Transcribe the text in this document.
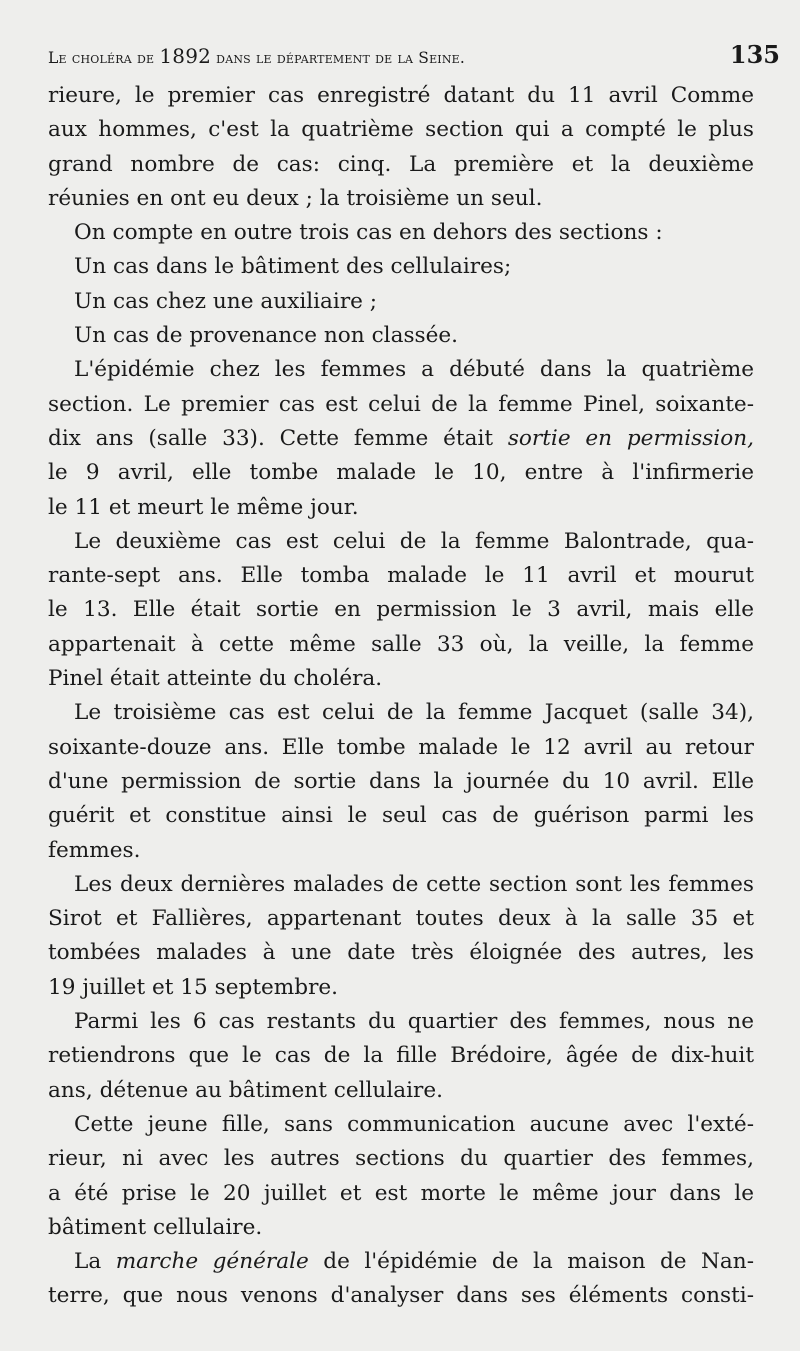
Le choléra de 1892 dans le département de la Seine.	135
rieure, le premier cas enregistré datant du 11 avril Comme
aux hommes, c'est la quatrième section qui a compté le plus
grand nombre de cas: cinq. La première et la deuxième
réunies en ont eu deux ; la troisième un seul.
On compte en outre trois cas en dehors des sections :
Un cas dans le bâtiment des cellulaires;
Un cas chez une auxiliaire ;
Un cas de provenance non classée.
L'épidémie chez les femmes a débuté dans la quatrième
section. Le premier cas est celui de la femme Pinel, soixante-
dix ans (salle 33). Cette femme était sortie en permission,
le 9 avril, elle tombe malade le 10, entre à l'infirmerie
le 11 et meurt le même jour.
Le deuxième cas est celui de la femme Balontrade, qua-
rante-sept ans. Elle tomba malade le 11 avril et mourut
le 13. Elle était sortie en permission le 3 avril, mais elle
appartenait à cette même salle 33 où, la veille, la femme
Pinel était atteinte du choléra.
Le troisième cas est celui de la femme Jacquet (salle 34),
soixante-douze ans. Elle tombe malade le 12 avril au retour
d'une permission de sortie dans la journée du 10 avril. Elle
guérit et constitue ainsi le seul cas de guérison parmi les
femmes.
Les deux dernières malades de cette section sont les femmes
Sirot et Fallières, appartenant toutes deux à la salle 35 et
tombées malades à une date très éloignée des autres, les
19 juillet et 15 septembre.
Parmi les 6 cas restants du quartier des femmes, nous ne
retiendrons que le cas de la fille Brédoire, âgée de dix-huit
ans, détenue au bâtiment cellulaire.
Cette jeune fille, sans communication aucune avec l'exté-
rieur, ni avec les autres sections du quartier des femmes,
a été prise le 20 juillet et est morte le même jour dans le
bâtiment cellulaire.
La marche générale de l'épidémie de la maison de Nan-
terre, que nous venons d'analyser dans ses éléments consti-
